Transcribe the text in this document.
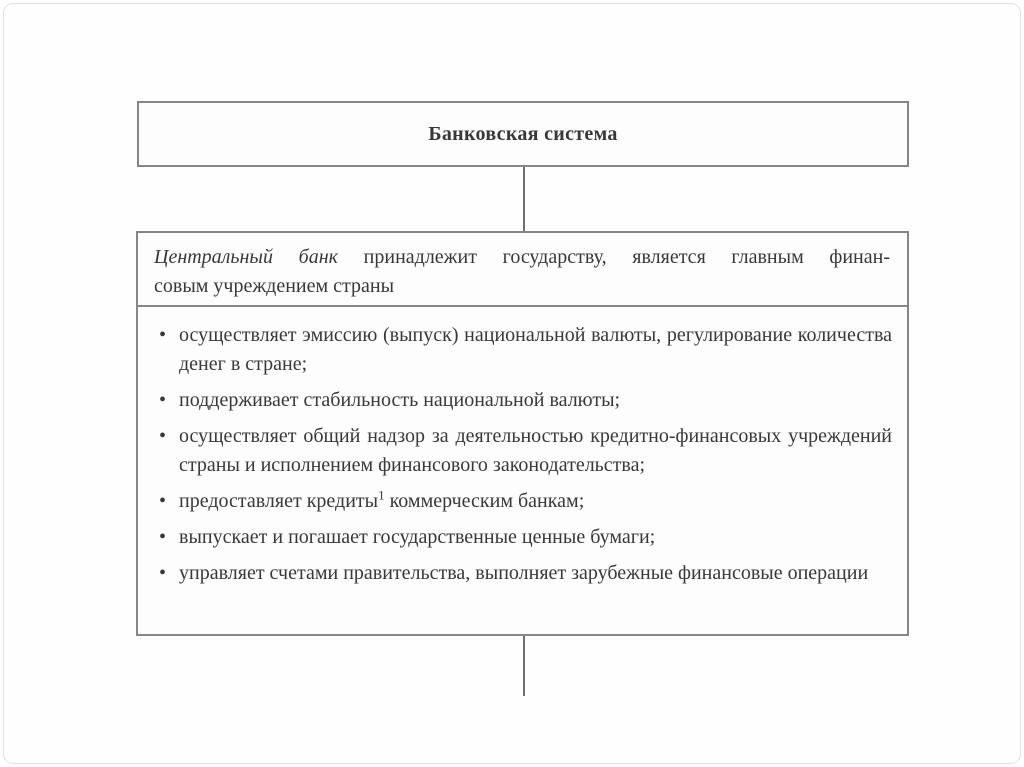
Банковская система
Центральный банк принадлежит государству, является главным финан-
совым учреждением страны
• осуществляет эмиссию (выпуск) национальной валюты, регулирование количества денег в стране;
• поддерживает стабильность национальной валюты;
• осуществляет общий надзор за деятельностью кредитно-финансовых учреждений страны и исполнением финансового законодательства;
• предоставляет кредиты$^1$ коммерческим банкам;
• выпускает и погашает государственные ценные бумаги;
• управляет счетами правительства, выполняет зарубежные финансовые операции
